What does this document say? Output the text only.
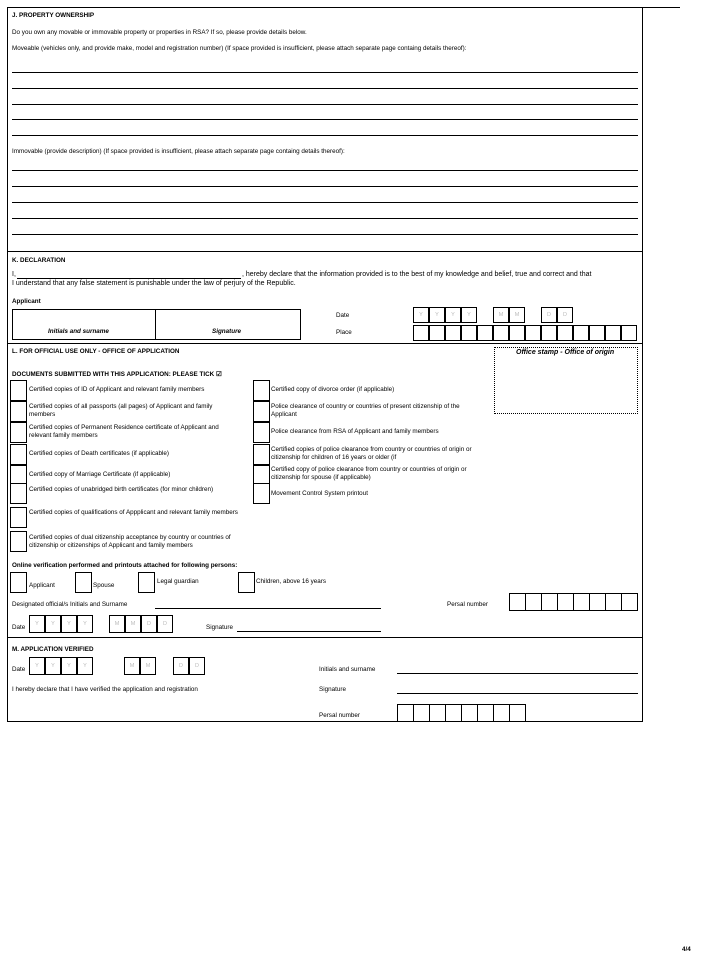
J. PROPERTY OWNERSHIP
Do you own any movable or immovable property or properties in RSA? If so, please provide details below.
Moveable (vehicles only, and provide make, model and registration number) (If space provided is insufficient, please attach separate page containg details thereof):
Immovable (provide description) (If space provided is insufficient, please attach separate page containg details thereof):
K. DECLARATION
I,	, hereby declare that the information provided is to the best of my knowledge and belief, true and correct and that
I understand that any false statement is punishable under the law of perjury of the Republic.
Applicant
Initials and surname	Signature
Date
Place
Y	Y	Y	Y	M	M	D	D
L. FOR OFFICIAL USE ONLY - OFFICE OF APPLICATION	Office stamp - Office of origin
DOCUMENTS SUBMITTED WITH THIS APPLICATION: PLEASE TICK ☑
Certified copies of ID of Applicant and relevant family members
Certified copies of all passports (all pages) of Applicant and family members
Certified copies of Permanent Residence certificate of Applicant and relevant family members
Certified copies of Death certificates (if applicable)
Certified copy of Marriage Certificate (if applicable)
Certified copies of unabridged birth certificates (for minor children)
Certified copies of qualifications of Appplicant and relevant family members
Certified copies of dual citizenship acceptance by country or countries of citizenship or citizenships of Applicant and family members
Certified copy of divorce order (if applicable)
Police clearance of country or countries of present citizenship of the Applicant
Police clearance from RSA of Applicant and family members
Certified copies of police clearance from country or countries of origin or citizenship for children of 16 years or older (if
Certified copy of police clearance from country or countries of origin or citizenship for spouse (if applicable)
Movement Control System printout
Online verification performed and printouts attached for following persons:
Applicant	Spouse
Legal guardian	Children, above 16 years
Designated official/s Initials and Surname	Persal number
Date	Y	Y	Y	Y	M	M	D	D	Signature
M. APPLICATION VERIFIED
Date	Y	Y	Y	Y	M	M	D	D	Initials and surname
I hereby declare that I have verified the application and registration	Signature
Persal number
4/4
